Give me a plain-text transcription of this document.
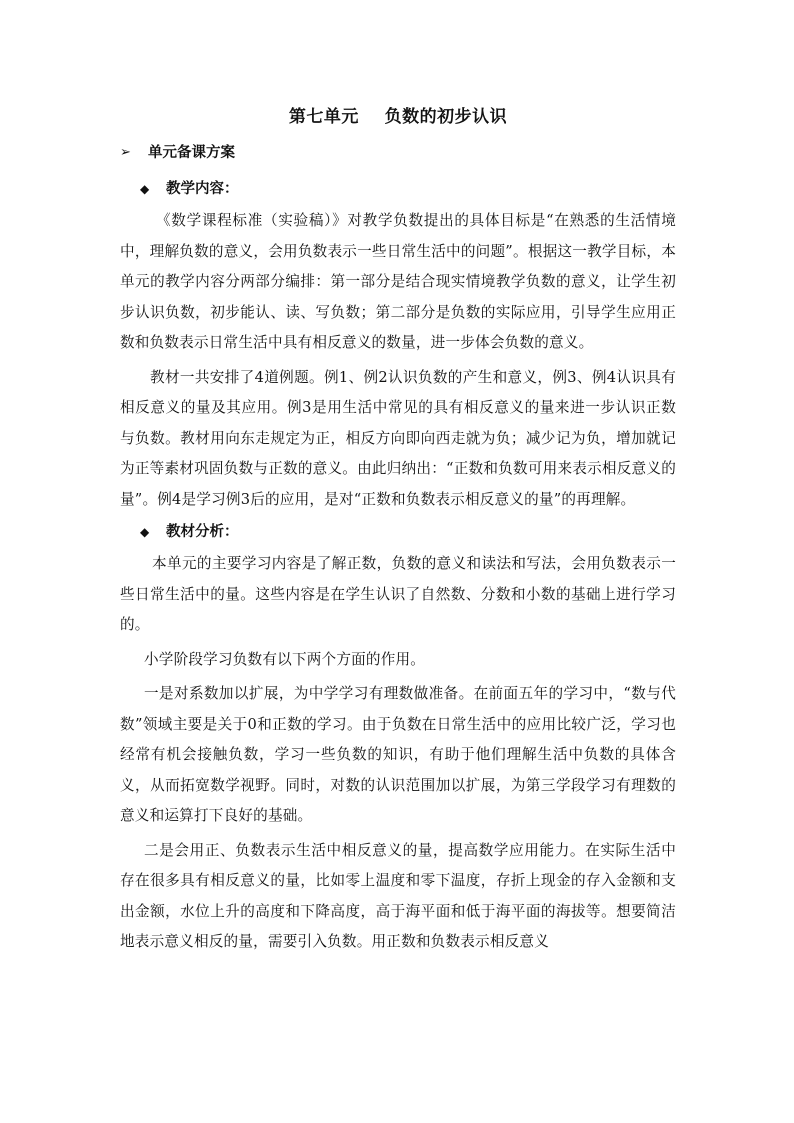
第七单元    负数的初步认识
➢	单元备课方案
◆	教学内容：

《数学课程标准（实验稿）》对教学负数提出的具体目标是“在熟悉的生活情境中，理解负数的意义，会用负数表示一些日常生活中的问题”。根据这一教学目标，本单元的教学内容分两部分编排：第一部分是结合现实情境教学负数的意义，让学生初步认识负数，初步能认、读、写负数；第二部分是负数的实际应用，引导学生应用正数和负数表示日常生活中具有相反意义的数量，进一步体会负数的意义。

教材一共安排了4道例题。例1、例2认识负数的产生和意义，例3、例4认识具有相反意义的量及其应用。例3是用生活中常见的具有相反意义的量来进一步认识正数与负数。教材用向东走规定为正，相反方向即向西走就为负；减少记为负，增加就记为正等素材巩固负数与正数的意义。由此归纳出：“正数和负数可用来表示相反意义的量”。例4是学习例3后的应用，是对“正数和负数表示相反意义的量”的再理解。

◆	教材分析：

本单元的主要学习内容是了解正数，负数的意义和读法和写法，会用负数表示一些日常生活中的量。这些内容是在学生认识了自然数、分数和小数的基础上进行学习的。

小学阶段学习负数有以下两个方面的作用。

一是对系数加以扩展，为中学学习有理数做准备。在前面五年的学习中，“数与代数”领域主要是关于0和正数的学习。由于负数在日常生活中的应用比较广泛，学习也经常有机会接触负数，学习一些负数的知识，有助于他们理解生活中负数的具体含义，从而拓宽数学视野。同时，对数的认识范围加以扩展，为第三学段学习有理数的意义和运算打下良好的基础。

二是会用正、负数表示生活中相反意义的量，提高数学应用能力。在实际生活中存在很多具有相反意义的量，比如零上温度和零下温度，存折上现金的存入金额和支出金额，水位上升的高度和下降高度，高于海平面和低于海平面的海拔等。想要简洁地表示意义相反的量，需要引入负数。用正数和负数表示相反意义
